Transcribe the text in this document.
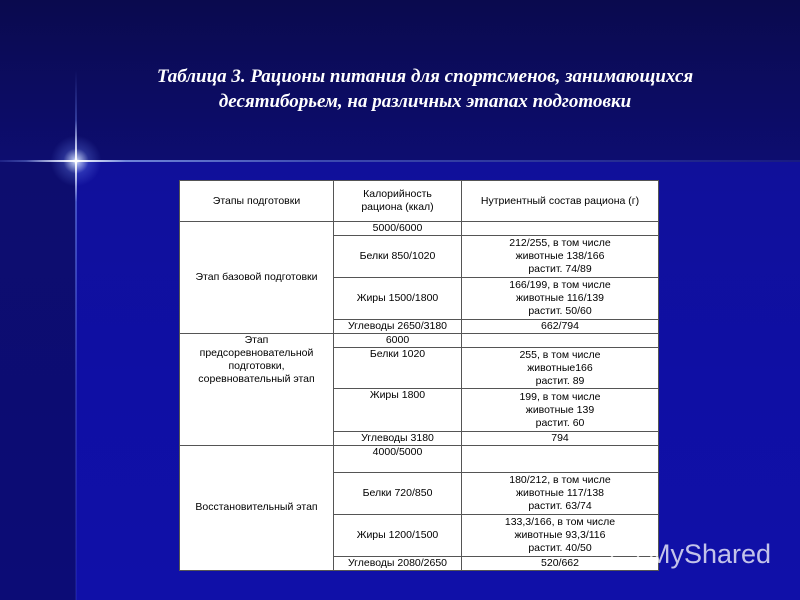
Таблица 3. Рационы питания для спортсменов, занимающихся
десятиборьем, на различных этапах подготовки
Этапы подготовки	Калорийность рациона (ккал)	Нутриентный состав рациона (г)
Этап базовой подготовки	5000/6000	
	Белки 850/1020	212/255, в том числе
животные 138/166
растит. 74/89
	Жиры 1500/1800	166/199, в том числе
животные 116/139
растит. 50/60
	Углеводы 2650/3180	662/794
Этап
предсоревновательной
подготовки,
соревновательный этап	6000	
	Белки 1020	255, в том числе
животные166
растит. 89
	Жиры 1800	199, в том числе
животные 139
растит. 60
	Углеводы 3180	794
Восстановительный этап	4000/5000	
	Белки 720/850	180/212, в том числе
животные 117/138
растит. 63/74
	Жиры 1200/1500	133,3/166, в том числе
животные 93,3/116
растит. 40/50
	Углеводы 2080/2650	520/662	MyShared
